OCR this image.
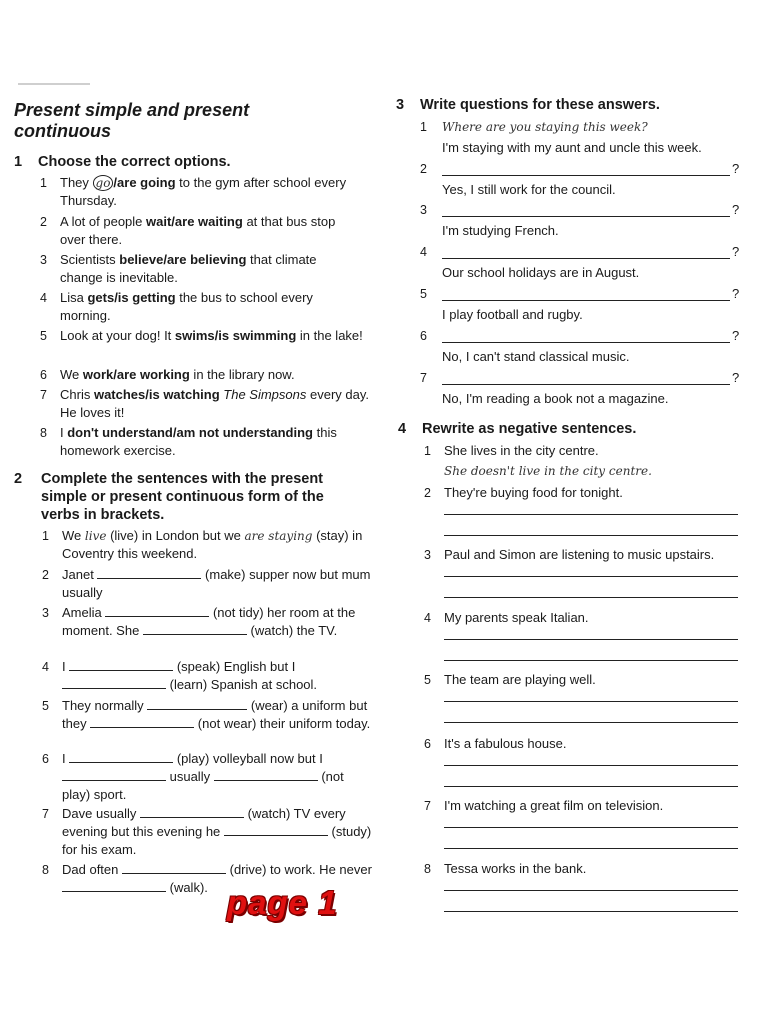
Present simple and present continuous
1	Choose the correct options.
1	They go /are going to the gym after school every Thursday.
2	A lot of people wait/are waiting at that bus stop over there.
3	Scientists believe/are believing that climate change is inevitable.
4	Lisa gets/is getting the bus to school every morning.
5	Look at your dog! It swims/is swimming in the lake!
6	We work/are working in the library now.
7	Chris watches/is watching The Simpsons every day. He loves it!
8	I don't understand/am not understanding this homework exercise.
2	Complete the sentences with the present simple or present continuous form of the verbs in brackets.
1	We live (live) in London but we are staying (stay) in Coventry this weekend.
2	Janet	(make) supper now but mum usually
3	Amelia	(not tidy) her room at the moment. She	(watch) the TV.
4	I	(speak) English but I  (learn) Spanish at school.
5	They normally	(wear) a uniform but they	(not wear) their uniform today.
6	I	(play) volleyball now but I  usually	(not play) sport.
7	Dave usually	(watch) TV every evening but this evening he	(study) for his exam.
8	Dad often	(drive) to work. He never  (walk). page 1
3	Write questions for these answers.
1	Where are you staying this week?
I'm staying with my aunt and uncle this week.
2	?

Yes, I still work for the council.
3	?

I'm studying French.
4	?

Our school holidays are in August.
5	?

I play football and rugby.
6	?

No, I can't stand classical music.
7	?

No, I'm reading a book not a magazine.
4	Rewrite as negative sentences.
1	She lives in the city centre.
She doesn't live in the city centre.
2	They're buying food for tonight.
3	Paul and Simon are listening to music upstairs.
4	My parents speak Italian.
5	The team are playing well.
6	It's a fabulous house.
7	I'm watching a great film on television.
8	Tessa works in the bank.
